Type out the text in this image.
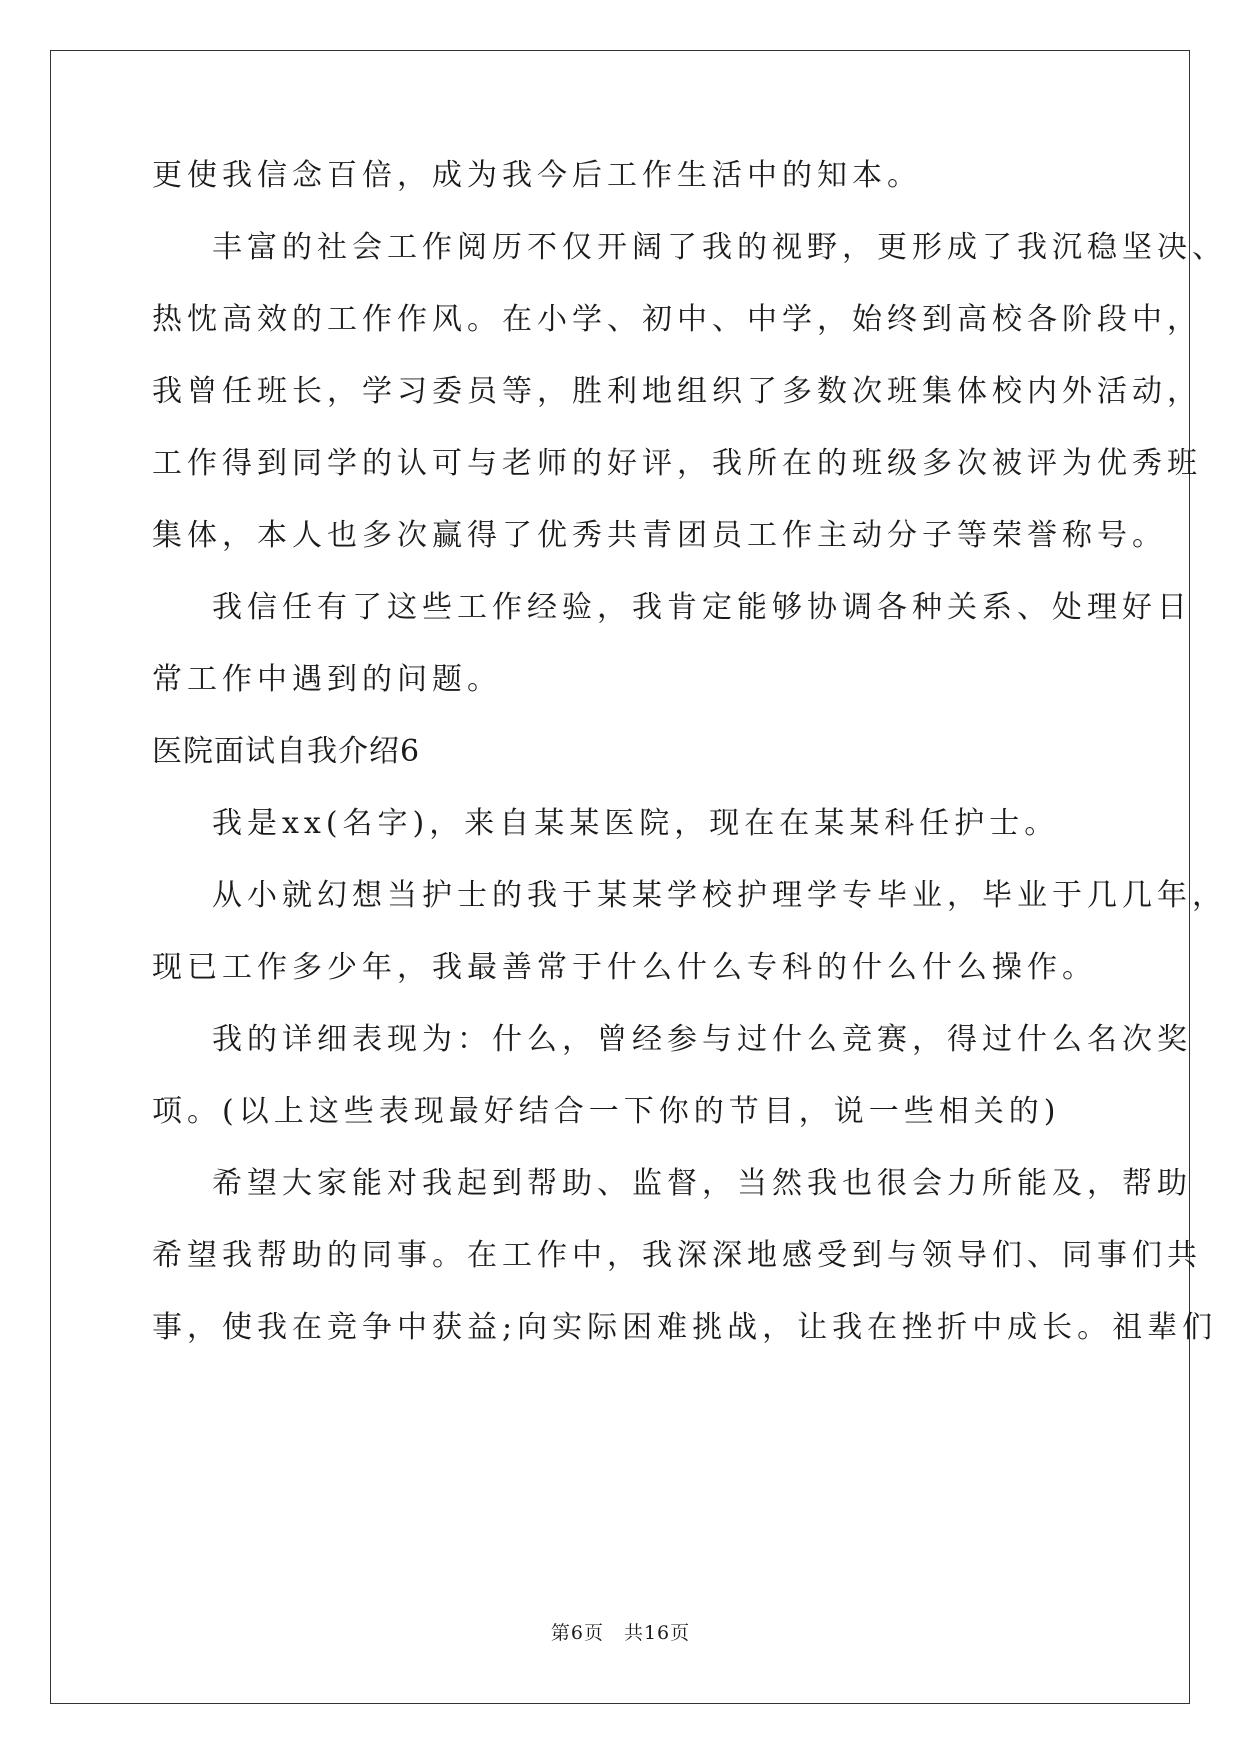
更使我信念百倍，成为我今后工作生活中的知本。
丰富的社会工作阅历不仅开阔了我的视野，更形成了我沉稳坚决、
热忱高效的工作作风。在小学、初中、中学，始终到高校各阶段中，
我曾任班长，学习委员等，胜利地组织了多数次班集体校内外活动，
工作得到同学的认可与老师的好评，我所在的班级多次被评为优秀班
集体，本人也多次赢得了优秀共青团员工作主动分子等荣誉称号。
我信任有了这些工作经验，我肯定能够协调各种关系、处理好日
常工作中遇到的问题。
医院面试自我介绍6
我是xx(名字)，来自某某医院，现在在某某科任护士。
从小就幻想当护士的我于某某学校护理学专毕业，毕业于几几年，
现已工作多少年，我最善常于什么什么专科的什么什么操作。
我的详细表现为：什么，曾经参与过什么竞赛，得过什么名次奖
项。(以上这些表现最好结合一下你的节目，说一些相关的)
希望大家能对我起到帮助、监督，当然我也很会力所能及，帮助
希望我帮助的同事。在工作中，我深深地感受到与领导们、同事们共
事，使我在竞争中获益;向实际困难挑战，让我在挫折中成长。祖辈们
第6页　共16页
